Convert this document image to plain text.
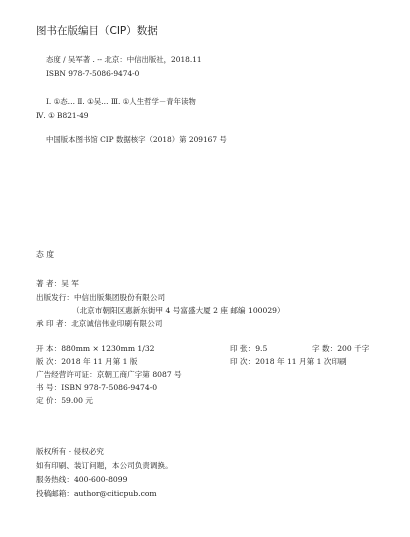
图书在版编目（CIP）数据
态度 / 吴军著 . -- 北京：中信出版社，2018.11
ISBN 978-7-5086-9474-0
Ⅰ. ①态… Ⅱ. ①吴… Ⅲ. ①人生哲学－青年读物
Ⅳ. ① B821-49
中国版本图书馆 CIP 数据核字（2018）第 209167 号
态 度
著 者：吴 军
出版发行：中信出版集团股份有限公司
（北京市朝阳区惠新东街甲 4 号富盛大厦 2 座 邮编 100029）
承 印 者：北京诚信伟业印刷有限公司
开 本：880mm × 1230mm 1/32	印 张：9.5	字 数：200 千字
版 次：2018 年 11 月第 1 版	印 次：2018 年 11 月第 1 次印刷
广告经营许可证：京朝工商广字第 8087 号
书 号：ISBN 978-7-5086-9474-0
定 价：59.00 元
版权所有 · 侵权必究
如有印刷、装订问题，本公司负责调换。
服务热线：400-600-8099
投稿邮箱：author@citicpub.com
